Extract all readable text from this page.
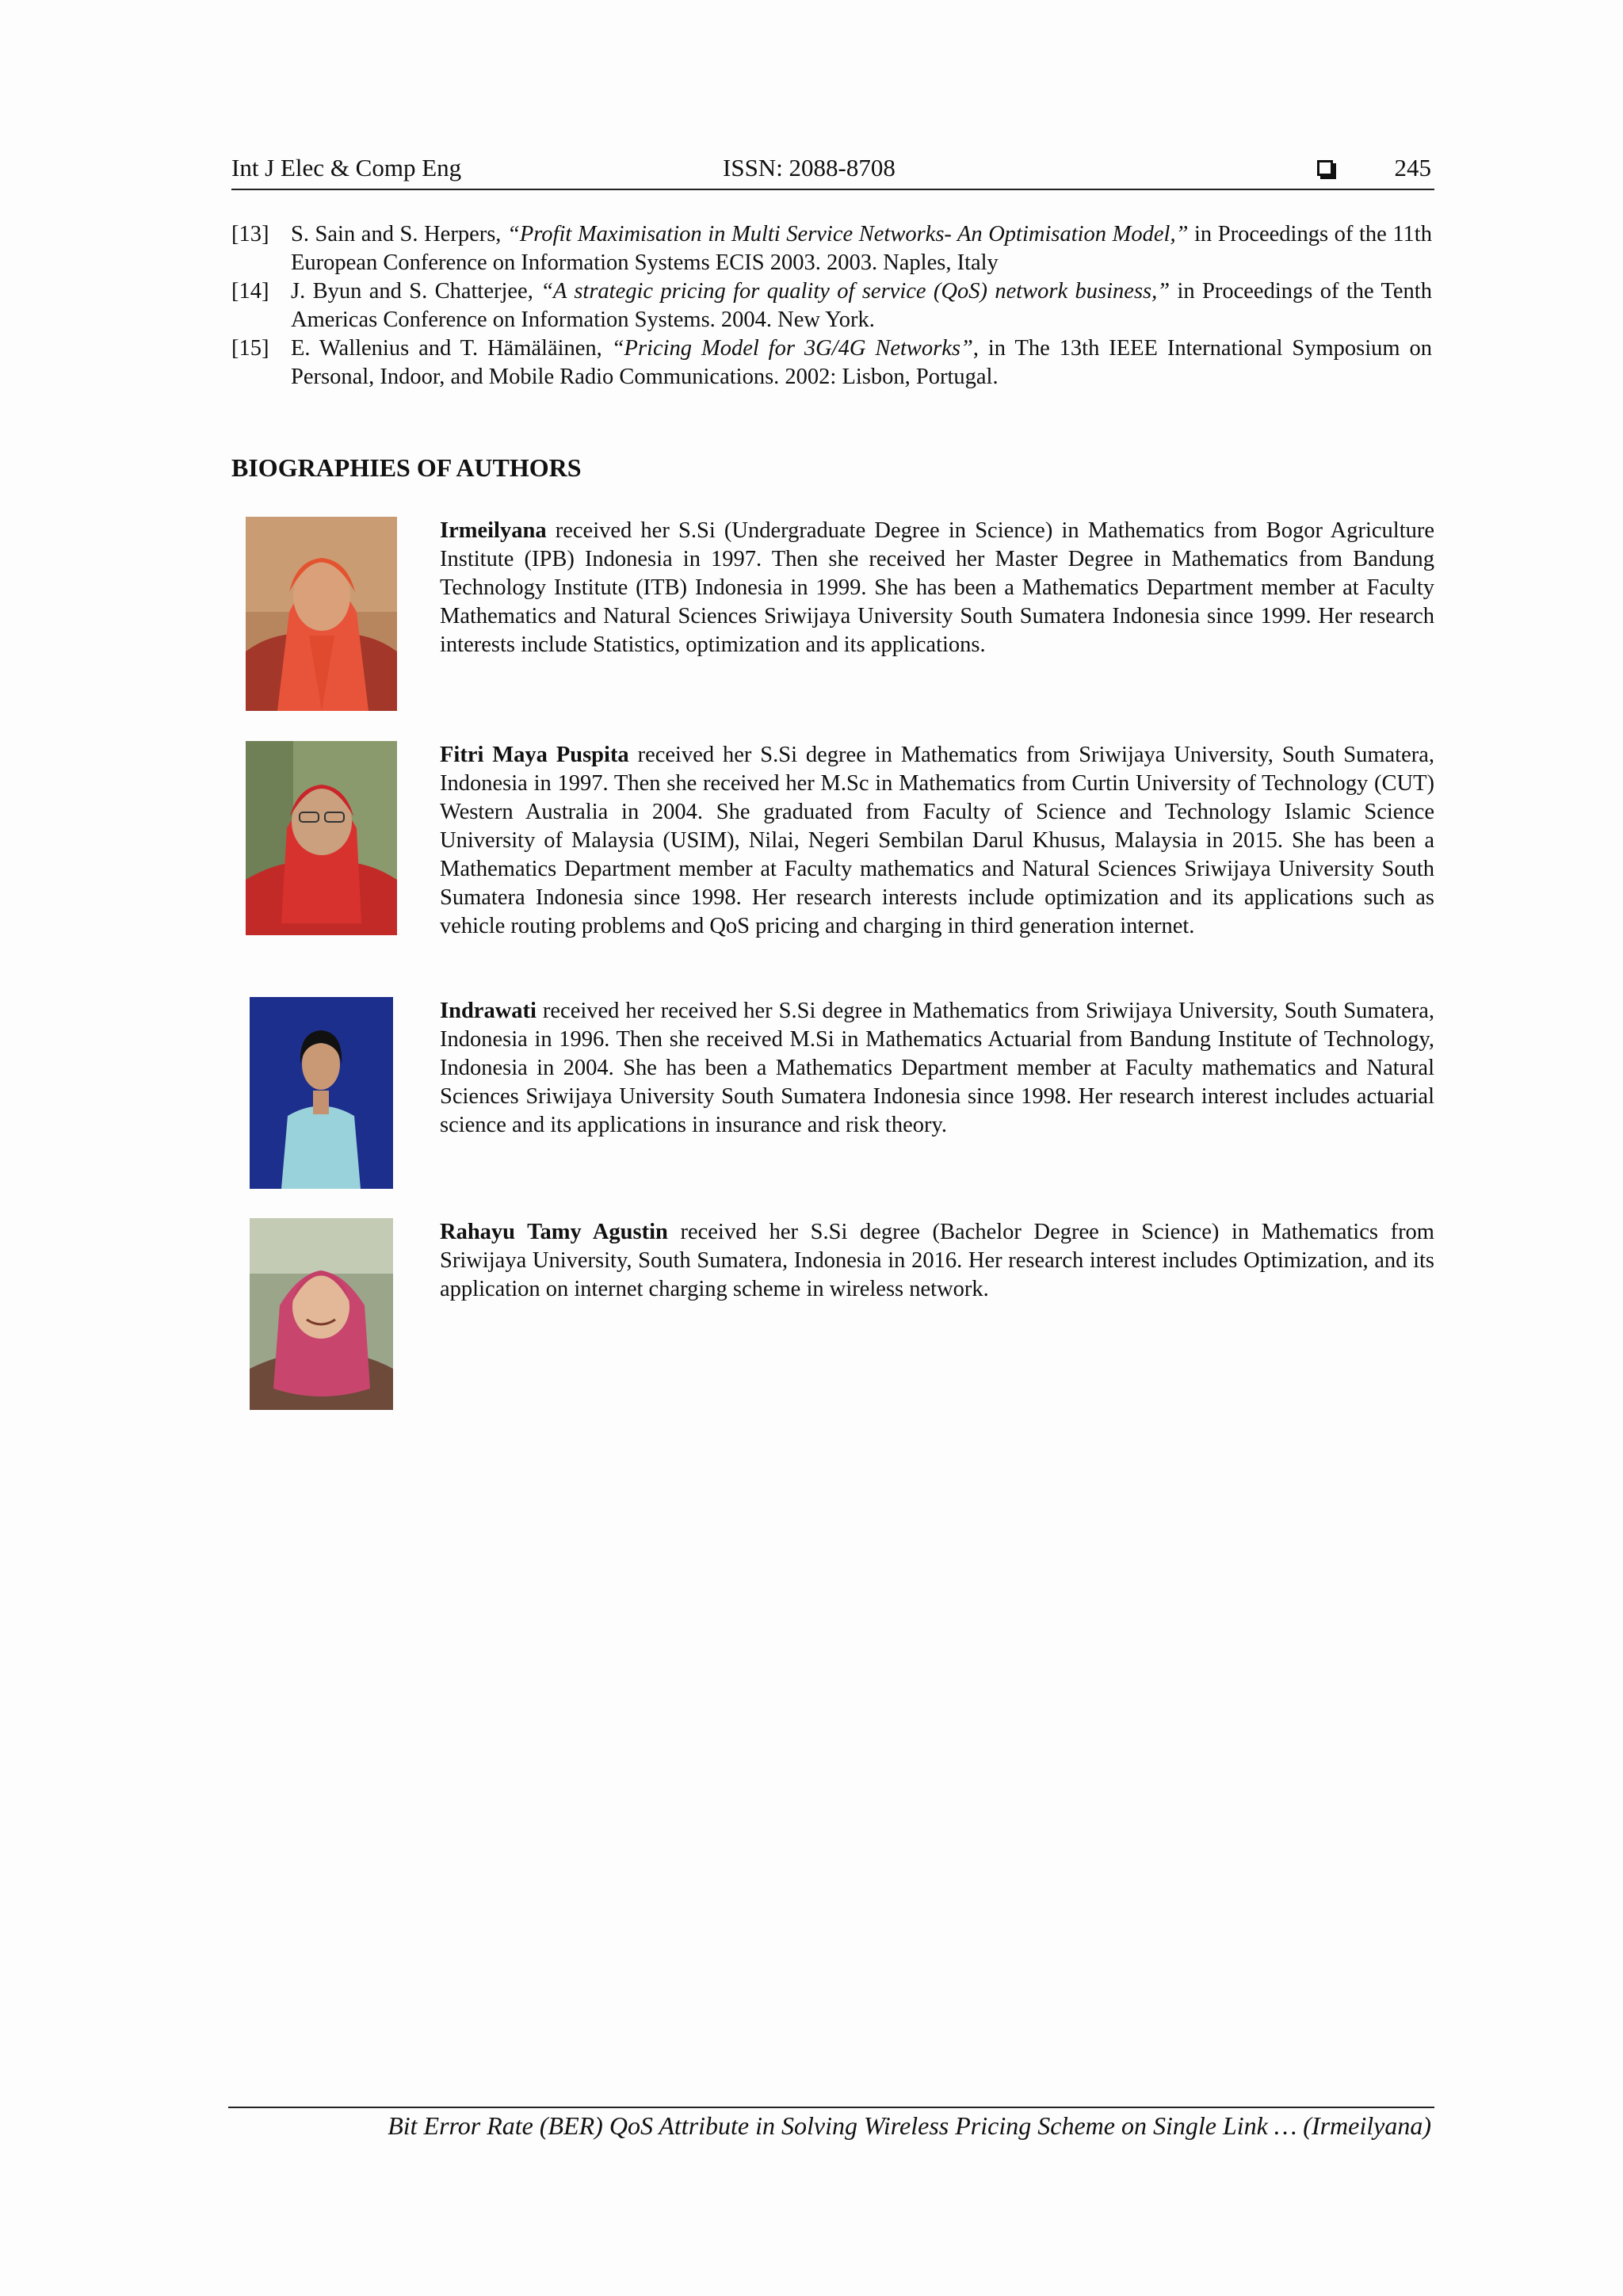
Int J Elec & Comp Eng	ISSN: 2088-8708	245
[13] S. Sain and S. Herpers, “Profit Maximisation in Multi Service Networks- An Optimisation Model,” in Proceedings of the 11th European Conference on Information Systems ECIS 2003. 2003. Naples, Italy
[14] J. Byun and S. Chatterjee, “A strategic pricing for quality of service (QoS) network business,” in Proceedings of the Tenth Americas Conference on Information Systems. 2004. New York.
[15] E. Wallenius and T. Hämäläinen, “Pricing Model for 3G/4G Networks”, in The 13th IEEE International Symposium on Personal, Indoor, and Mobile Radio Communications. 2002: Lisbon, Portugal.
BIOGRAPHIES OF AUTHORS
Irmeilyana received her S.Si (Undergraduate Degree in Science) in Mathematics from Bogor Agriculture Institute (IPB) Indonesia in 1997. Then she received her Master Degree in Mathematics from Bandung Technology Institute (ITB) Indonesia in 1999. She has been a Mathematics Department member at Faculty Mathematics and Natural Sciences Sriwijaya University South Sumatera Indonesia since 1999. Her research interests include Statistics, optimization and its applications.
Fitri Maya Puspita received her S.Si degree in Mathematics from Sriwijaya University, South Sumatera, Indonesia in 1997. Then she received her M.Sc in Mathematics from Curtin University of Technology (CUT) Western Australia in 2004. She graduated from Faculty of Science and Technology Islamic Science University of Malaysia (USIM), Nilai, Negeri Sembilan Darul Khusus, Malaysia in 2015. She has been a Mathematics Department member at Faculty mathematics and Natural Sciences Sriwijaya University South Sumatera Indonesia since 1998. Her research interests include optimization and its applications such as vehicle routing problems and QoS pricing and charging in third generation internet.
Indrawati received her received her S.Si degree in Mathematics from Sriwijaya University, South Sumatera, Indonesia in 1996. Then she received M.Si in Mathematics Actuarial from Bandung Institute of Technology, Indonesia in 2004. She has been a Mathematics Department member at Faculty mathematics and Natural Sciences Sriwijaya University South Sumatera Indonesia since 1998. Her research interest includes actuarial science and its applications in insurance and risk theory.
Rahayu Tamy Agustin received her S.Si degree (Bachelor Degree in Science) in Mathematics from Sriwijaya University, South Sumatera, Indonesia in 2016. Her research interest includes Optimization, and its application on internet charging scheme in wireless network.
Bit Error Rate (BER) QoS Attribute in Solving Wireless Pricing Scheme on Single Link … (Irmeilyana)
